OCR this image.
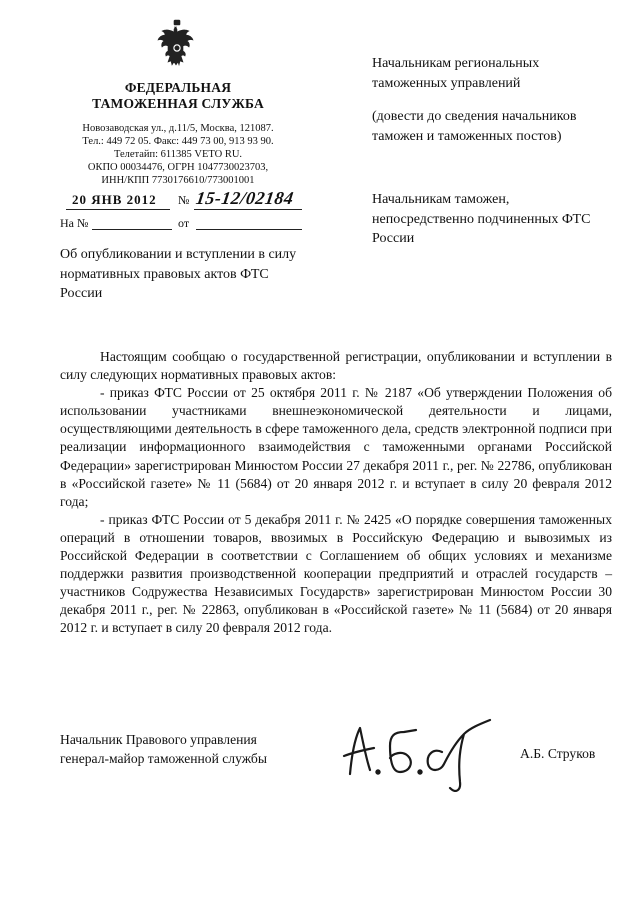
ФЕДЕРАЛЬНАЯ
ТАМОЖЕННАЯ СЛУЖБА
Новозаводская ул., д.11/5, Москва, 121087.
Тел.: 449 72 05. Факс: 449 73 00, 913 93 90.
Телетайп: 611385 VETO RU.
ОКПО 00034476, ОГРН 1047730023703,
ИНН/КПП 7730176610/773001001
20 ЯНВ 2012 № 15-12/02184
На №	от
Об опубликовании и вступлении в силу нормативных правовых актов ФТС России
Начальникам региональных таможенных управлений
(довести до сведения начальников таможен и таможенных постов)
Начальникам таможен, непосредственно подчиненных ФТС России

Настоящим сообщаю о государственной регистрации, опубликовании и вступлении в силу следующих нормативных правовых актов:

- приказ ФТС России от 25 октября 2011 г. № 2187 «Об утверждении Положения об использовании участниками внешнеэкономической деятельности и лицами, осуществляющими деятельность в сфере таможенного дела, средств электронной подписи при реализации информационного взаимодействия с таможенными органами Российской Федерации» зарегистрирован Минюстом России 27 декабря 2011 г., рег. № 22786, опубликован в «Российской газете» № 11 (5684) от 20 января 2012 г. и вступает в силу 20 февраля 2012 года;

- приказ ФТС России от 5 декабря 2011 г. № 2425 «О порядке совершения таможенных операций в отношении товаров, ввозимых в Российскую Федерацию и вывозимых из Российской Федерации в соответствии с Соглашением об общих условиях и механизме поддержки развития производственной кооперации предприятий и отраслей государств – участников Содружества Независимых Государств» зарегистрирован Минюстом России 30 декабря 2011 г., рег. № 22863, опубликован в «Российской газете» № 11 (5684) от 20 января 2012 г. и вступает в силу 20 февраля 2012 года.

Начальник Правового управления
генерал-майор таможенной службы	А.Б. Струков
